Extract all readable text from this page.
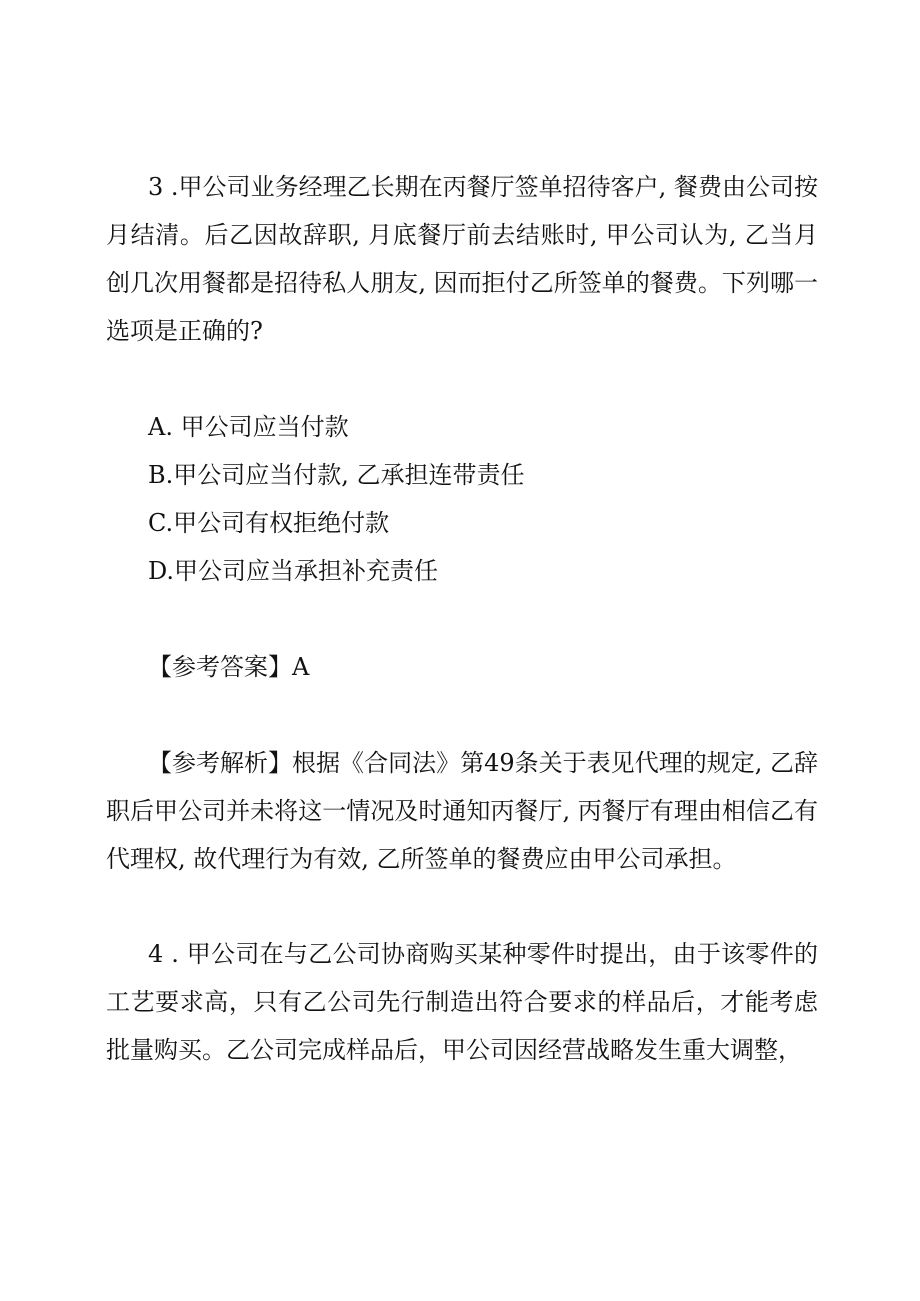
3 .甲公司业务经理乙长期在丙餐厅签单招待客户, 餐费由公司按月结清。后乙因故辞职, 月底餐厅前去结账时, 甲公司认为, 乙当月创几次用餐都是招待私人朋友, 因而拒付乙所签单的餐费。下列哪一选项是正确的?

A. 甲公司应当付款

B.甲公司应当付款, 乙承担连带责任

C.甲公司有权拒绝付款

D.甲公司应当承担补充责任

【参考答案】A

【参考解析】根据《合同法》第49条关于表见代理的规定, 乙辞职后甲公司并未将这一情况及时通知丙餐厅, 丙餐厅有理由相信乙有代理权, 故代理行为有效, 乙所签单的餐费应由甲公司承担。

4 . 甲公司在与乙公司协商购买某种零件时提出，由于该零件的工艺要求高，只有乙公司先行制造出符合要求的样品后，才能考虑批量购买。乙公司完成样品后，甲公司因经营战略发生重大调整，
